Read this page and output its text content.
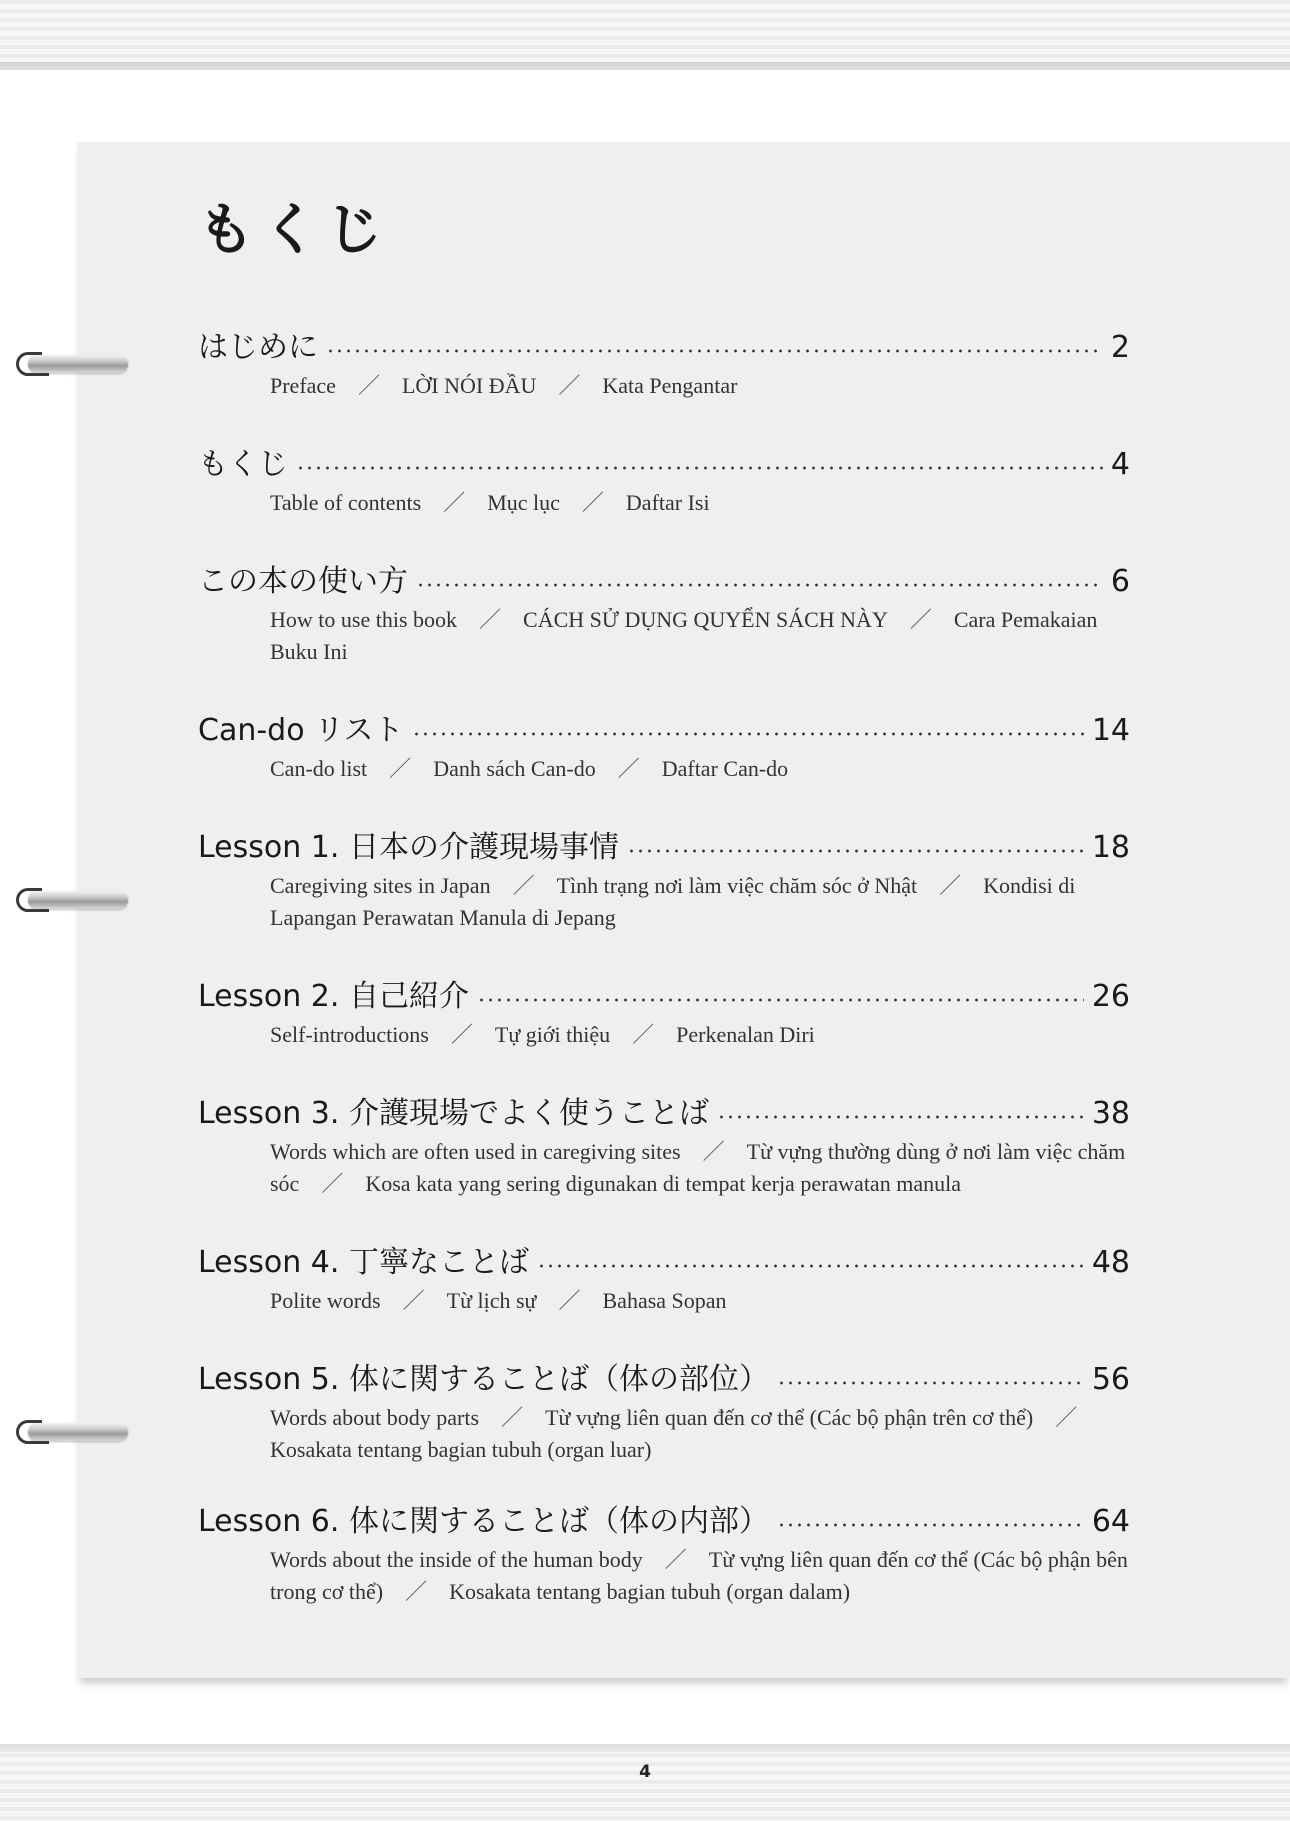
もくじ
はじめに	2
Preface ／ LỜI NÓI ĐẦU ／ Kata Pengantar
もくじ	4
Table of contents ／ Mục lục ／ Daftar Isi
この本の使い方	6
How to use this book ／ CÁCH SỬ DỤNG QUYỂN SÁCH NÀY ／ Cara Pemakaian Buku Ini
Can-do リスト	14
Can-do list ／ Danh sách Can-do ／ Daftar Can-do
Lesson 1. 日本の介護現場事情	18
Caregiving sites in Japan ／ Tình trạng nơi làm việc chăm sóc ở Nhật ／ Kondisi di Lapangan Perawatan Manula di Jepang
Lesson 2. 自己紹介	26
Self-introductions ／ Tự giới thiệu ／ Perkenalan Diri
Lesson 3. 介護現場でよく使うことば	38
Words which are often used in caregiving sites ／ Từ vựng thường dùng ở nơi làm việc chăm sóc ／ Kosa kata yang sering digunakan di tempat kerja perawatan manula
Lesson 4. 丁寧なことば	48
Polite words ／ Từ lịch sự ／ Bahasa Sopan
Lesson 5. 体に関することば（体の部位）	56
Words about body parts ／ Từ vựng liên quan đến cơ thể (Các bộ phận trên cơ thể) ／Kosakata tentang bagian tubuh (organ luar)
Lesson 6. 体に関することば（体の内部）	64
Words about the inside of the human body ／ Từ vựng liên quan đến cơ thể (Các bộ phận bên trong cơ thể) ／ Kosakata tentang bagian tubuh (organ dalam)
4
